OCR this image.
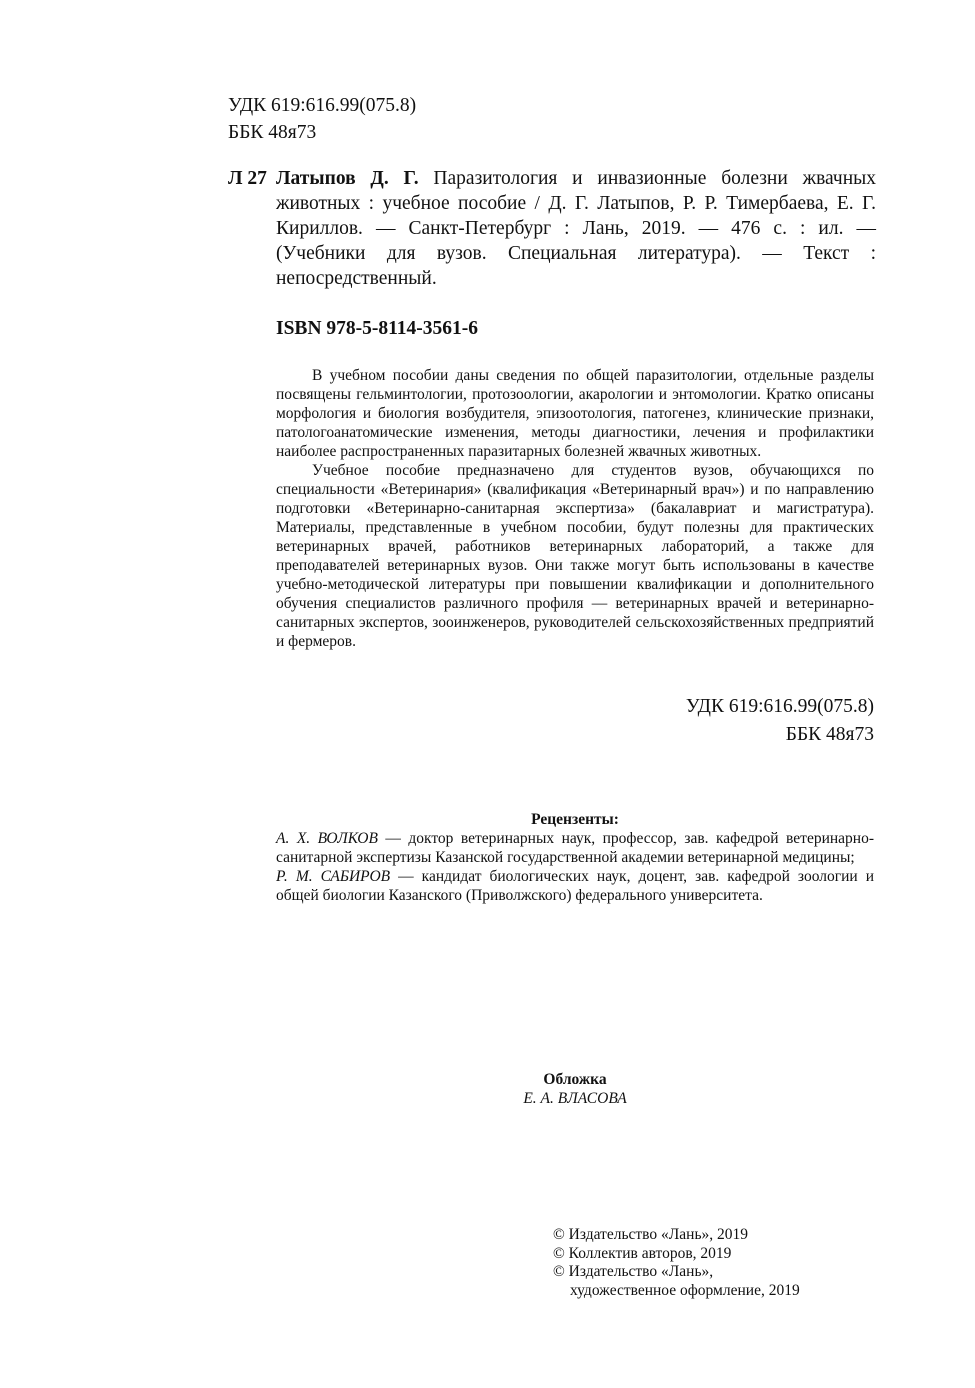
УДК 619:616.99(075.8)
ББК 48я73
Л 27 Латыпов Д. Г. Паразитология и инвазионные болезни жвачных животных : учебное пособие / Д. Г. Латыпов, Р. Р. Тимербаева, Е. Г. Кириллов. — Санкт-Петербург : Лань, 2019. — 476 с. : ил. — (Учебники для вузов. Специальная литература). — Текст : непосредственный.
ISBN 978-5-8114-3561-6

В учебном пособии даны сведения по общей паразитологии, отдельные разделы посвящены гельминтологии, протозоологии, акарологии и энтомологии. Кратко описаны морфология и биология возбудителя, эпизоотология, патогенез, клинические признаки, патологоанатомические изменения, методы диагностики, лечения и профилактики наиболее распространенных паразитарных болезней жвачных животных.

Учебное пособие предназначено для студентов вузов, обучающихся по специальности «Ветеринария» (квалификация «Ветеринарный врач») и по направлению подготовки «Ветеринарно-санитарная экспертиза» (бакалавриат и магистратура). Материалы, представленные в учебном пособии, будут полезны для практических ветеринарных врачей, работников ветеринарных лабораторий, а также для преподавателей ветеринарных вузов. Они также могут быть использованы в качестве учебно-методической литературы при повышении квалификации и дополнительного обучения специалистов различного профиля — ветеринарных врачей и ветеринарно-санитарных экспертов, зооинженеров, руководителей сельскохозяйственных предприятий и фермеров.

УДК 619:616.99(075.8)
ББК 48я73
Рецензенты:

А. Х. ВОЛКОВ — доктор ветеринарных наук, профессор, зав. кафедрой ветеринарно-санитарной экспертизы Казанской государственной академии ветеринарной медицины;

Р. М. САБИРОВ — кандидат биологических наук, доцент, зав. кафедрой зоологии и общей биологии Казанского (Приволжского) федерального университета.

Обложка
Е. А. ВЛАСОВА
© Издательство «Лань», 2019
© Коллектив авторов, 2019
© Издательство «Лань»,
художественное оформление, 2019
